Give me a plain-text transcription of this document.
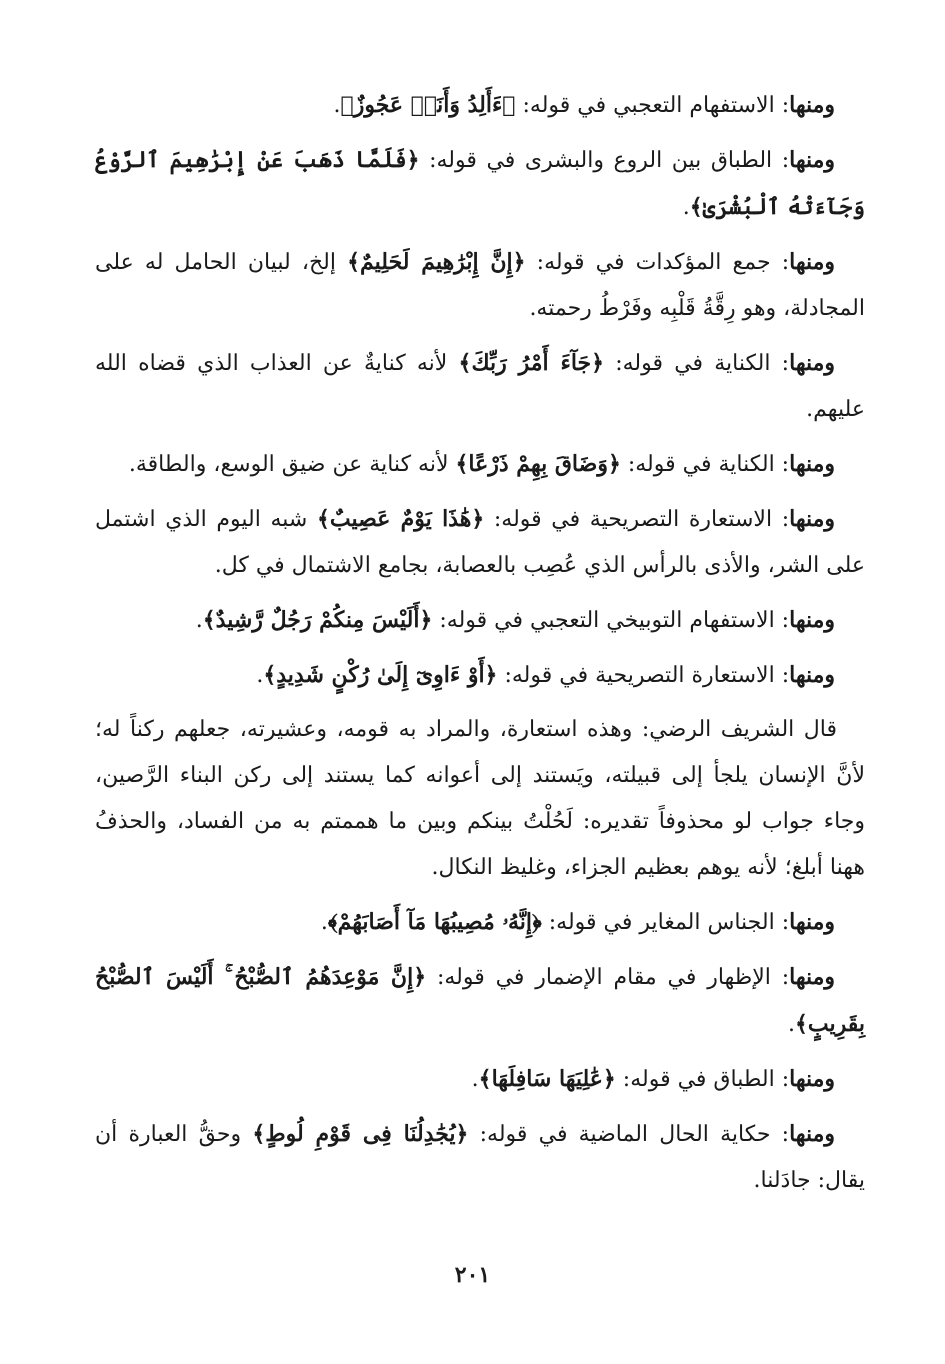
ومنها: الاستفهام التعجبي في قوله: ﴿ءَأَلِدُ وَأَنَا۠ عَجُوزٌ﴾.

ومنها: الطباق بين الروع والبشرى في قوله: ﴿فَلَمَّا ذَهَبَ عَنْ إِبْرَٰهِيمَ ٱلرَّوْعُ وَجَآءَتْهُ ٱلْبُشْرَىٰ﴾.

ومنها: جمع المؤكدات في قوله: ﴿إِنَّ إِبْرَٰهِيمَ لَحَلِيمٌ﴾ إلخ، لبيان الحامل له على المجادلة، وهو رِقَّةُ قَلْبِه وفَرْطُ رحمته.

ومنها: الكناية في قوله: ﴿جَآءَ أَمْرُ رَبِّكَ﴾ لأنه كنايةٌ عن العذاب الذي قضاه الله عليهم.

ومنها: الكناية في قوله: ﴿وَضَاقَ بِهِمْ ذَرْعًا﴾ لأنه كناية عن ضيق الوسع، والطاقة.

ومنها: الاستعارة التصريحية في قوله: ﴿هَٰذَا يَوْمٌ عَصِيبٌ﴾ شبه اليوم الذي اشتمل على الشر، والأذى بالرأس الذي عُصِب بالعصابة، بجامع الاشتمال في كل.

ومنها: الاستفهام التوبيخي التعجبي في قوله: ﴿أَلَيْسَ مِنكُمْ رَجُلٌ رَّشِيدٌ﴾.

ومنها: الاستعارة التصريحية في قوله: ﴿أَوْ ءَاوِىٓ إِلَىٰ رُكْنٍ شَدِيدٍ﴾.

قال الشريف الرضي: وهذه استعارة، والمراد به قومه، وعشيرته، جعلهم ركناً له؛ لأنَّ الإنسان يلجأ إلى قبيلته، ويَستند إلى أعوانه كما يستند إلى ركن البناء الرَّصين، وجاء جواب لو محذوفاً تقديره: لَحُلْتُ بينكم وبين ما هممتم به من الفساد، والحذفُ ههنا أبلغ؛ لأنه يوهم بعظيم الجزاء، وغليظ النكال.

ومنها: الجناس المغاير في قوله: ﴿إِنَّهُۥ مُصِيبُهَا مَآ أَصَابَهُمْ﴾.

ومنها: الإظهار في مقام الإضمار في قوله: ﴿إِنَّ مَوْعِدَهُمُ ٱلصُّبْحُ ۚ أَلَيْسَ ٱلصُّبْحُ بِقَرِيبٍ﴾.

ومنها: الطباق في قوله: ﴿عَٰلِيَهَا سَافِلَهَا﴾.

ومنها: حكاية الحال الماضية في قوله: ﴿يُجَٰدِلُنَا فِى قَوْمِ لُوطٍ﴾ وحقُّ العبارة أن يقال: جادَلنا.

٢٠١
